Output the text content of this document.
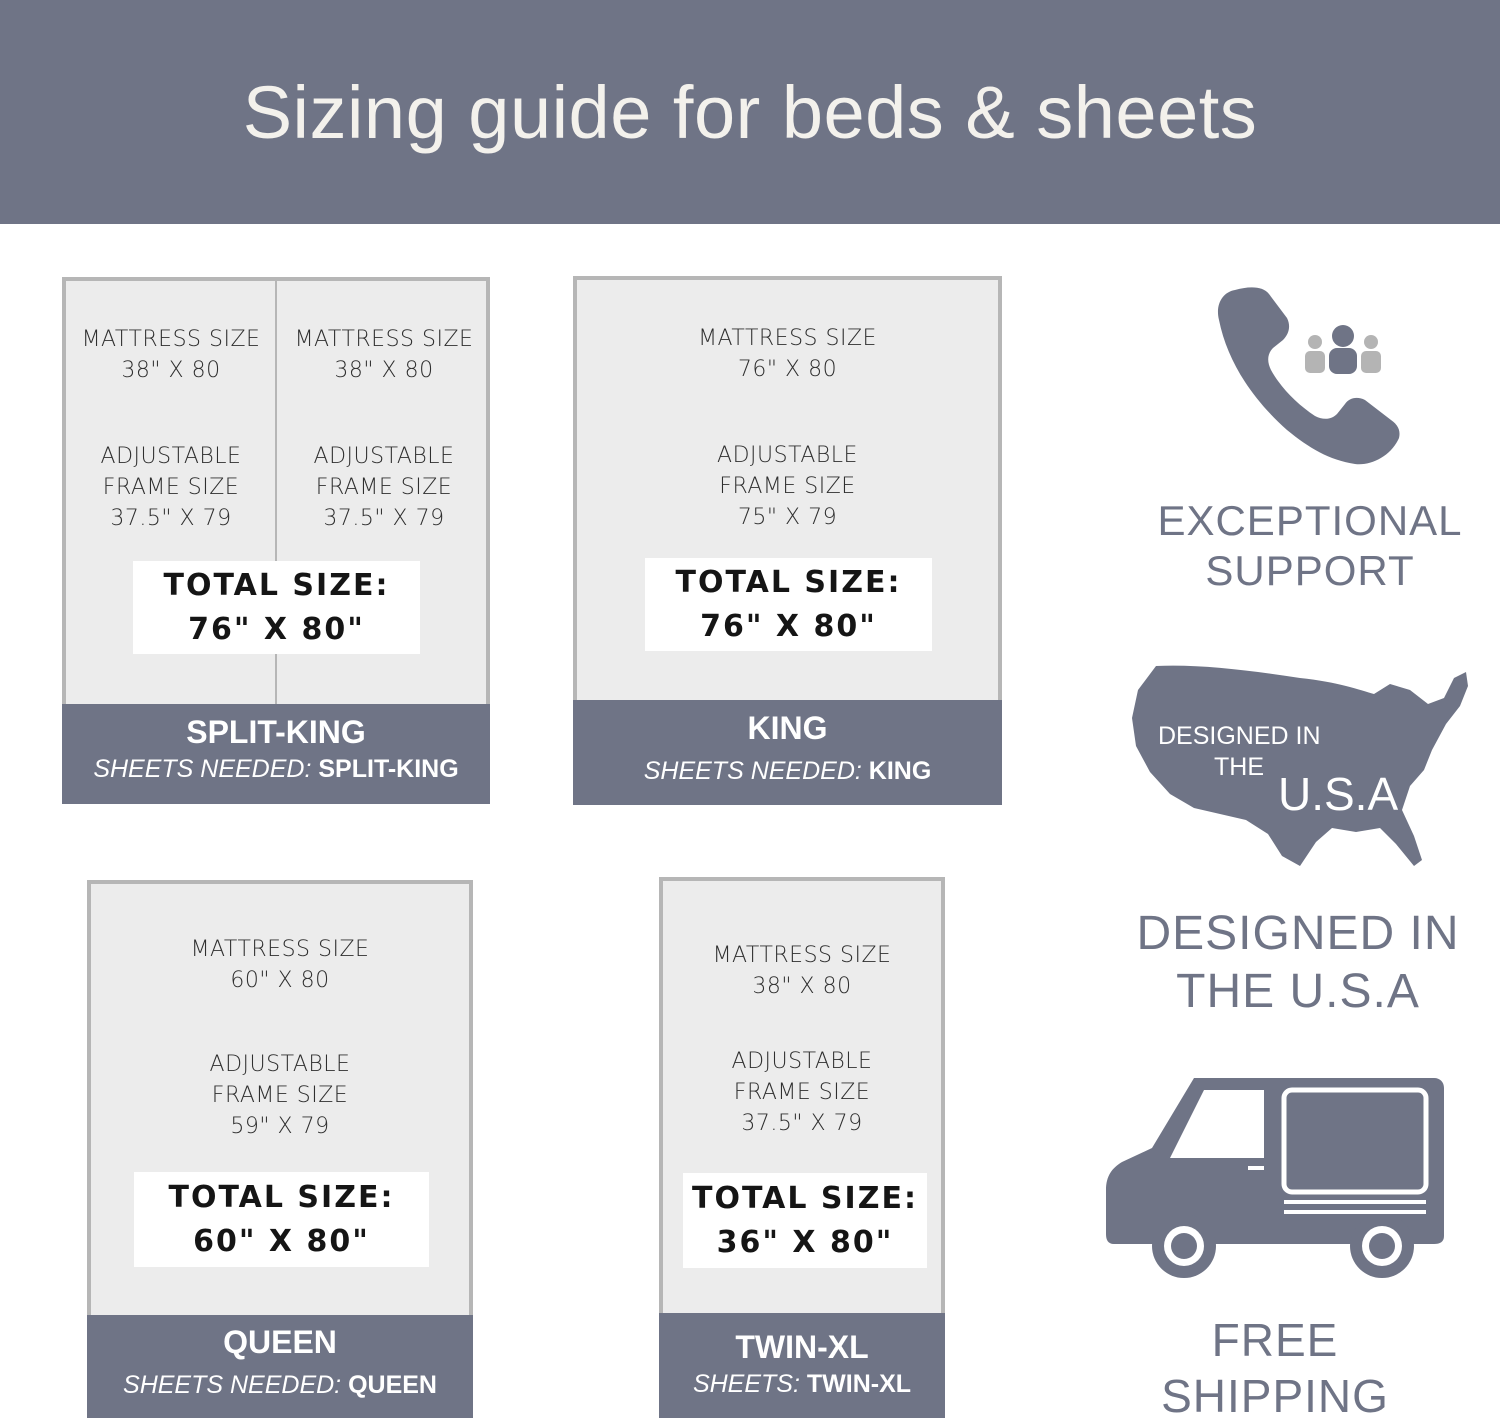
Sizing guide for beds & sheets
MATTRESS SIZE
38" X 80
ADJUSTABLE
FRAME SIZE
37.5" X 79
MATTRESS SIZE
38" X 80
ADJUSTABLE
FRAME SIZE
37.5" X 79
TOTAL SIZE:
76" X 80"
SPLIT-KING
SHEETS NEEDED: SPLIT-KING
MATTRESS SIZE
76" X 80
ADJUSTABLE
FRAME SIZE
75" X 79
TOTAL SIZE:
76" X 80"
KING
SHEETS NEEDED: KING
MATTRESS SIZE
60" X 80
ADJUSTABLE
FRAME SIZE
59" X 79
TOTAL SIZE:
60" X 80"
QUEEN
SHEETS NEEDED: QUEEN
MATTRESS SIZE
38" X 80
ADJUSTABLE
FRAME SIZE
37.5" X 79
TOTAL SIZE:
36" X 80"
TWIN-XL
SHEETS: TWIN-XL
EXCEPTIONAL
SUPPORT
DESIGNED IN
THE
U.S.A
DESIGNED IN
THE U.S.A
FREE
SHIPPING
